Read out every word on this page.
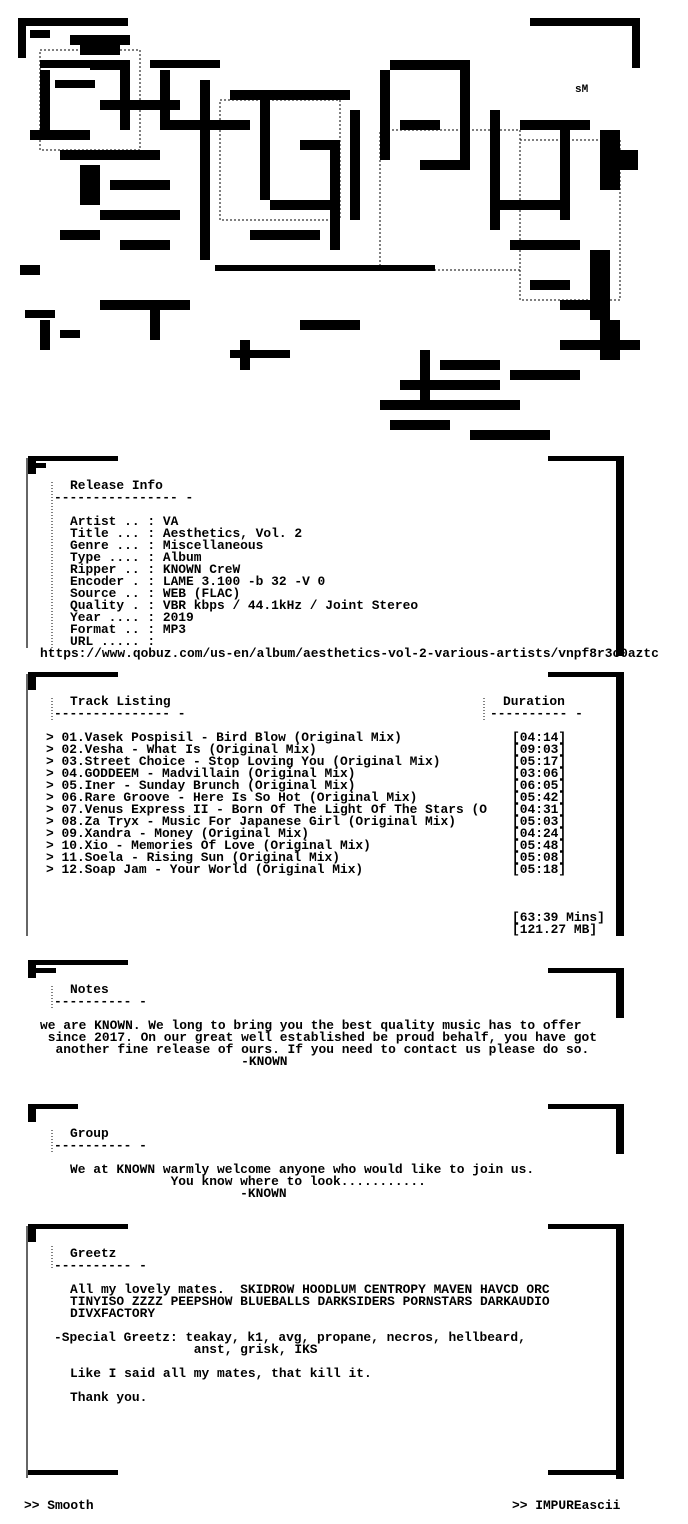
sM
Release Info
---------------- -
Artist .. : VA
Title ... : Aesthetics, Vol. 2
Genre ... : Miscellaneous
Type .... : Album
Ripper .. : KNOWN CreW
Encoder . : LAME 3.100 -b 32 -V 0
Source .. : WEB (FLAC)
Quality . : VBR kbps / 44.1kHz / Joint Stereo
Year .... : 2019
Format .. : MP3
URL ..... :
https://www.qobuz.com/us-en/album/aesthetics-vol-2-various-artists/vnpf8r3c0aztc
Track Listing
--------------- -
Duration
---------- -
> 01.Vasek Pospisil - Bird Blow (Original Mix)	[04:14]
> 02.Vesha - What Is (Original Mix)	[09:03]
> 03.Street Choice - Stop Loving You (Original Mix)	[05:17]
> 04.GODDEEM - Madvillain (Original Mix)	[03:06]
> 05.Iner - Sunday Brunch (Original Mix)	[06:05]
> 06.Rare Groove - Here Is So Hot (Original Mix)	[05:42]
> 07.Venus Express II - Born Of The Light Of The Stars (O [04:31]
> 08.Za Tryx - Music For Japanese Girl (Original Mix)	[05:03]
> 09.Xandra - Money (Original Mix)	[04:24]
> 10.Xio - Memories Of Love (Original Mix)	[05:48]
> 11.Soela - Rising Sun (Original Mix)	[05:08]
> 12.Soap Jam - Your World (Original Mix)	[05:18]
[63:39 Mins]
[121.27 MB]
Notes
---------- -
we are KNOWN. We long to bring you the best quality music has to offer
since 2017. On our great well established be proud behalf, you have got
another fine release of ours. If you need to contact us please do so.
-KNOWN
Group
---------- -
We at KNOWN warmly welcome anyone who would like to join us.
You know where to look...........
-KNOWN
Greetz
---------- -
All my lovely mates.  SKIDROW HOODLUM CENTROPY MAVEN HAVCD ORC
TINYISO ZZZZ PEEPSHOW BLUEBALLS DARKSIDERS PORNSTARS DARKAUDIO
DIVXFACTORY
-Special Greetz: teakay, k1, avg, propane, necros, hellbeard,
anst, grisk, IKS
Like I said all my mates, that kill it.
Thank you.
>> Smooth	>> IMPUREascii
